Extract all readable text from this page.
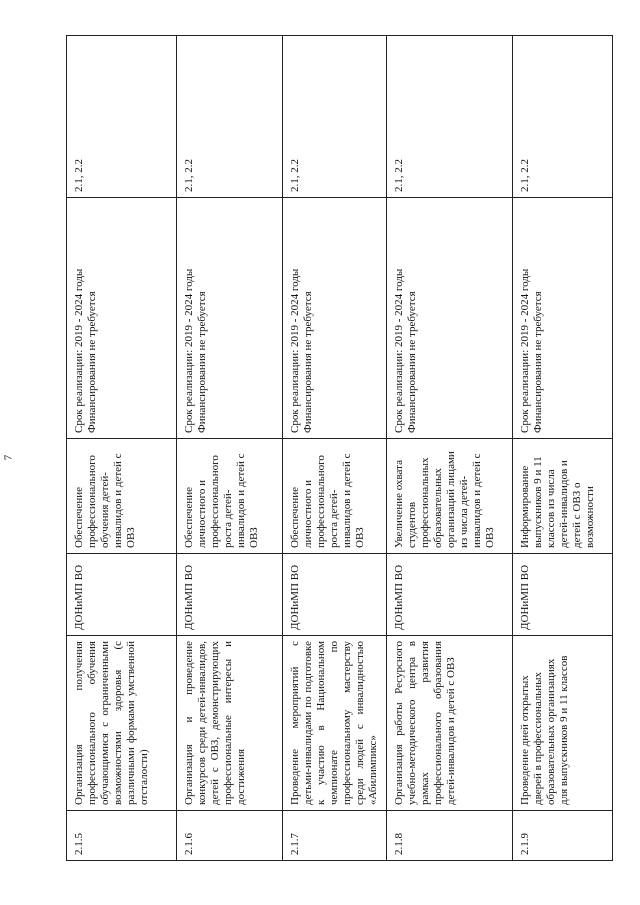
7
2.1.5	Организация получения профессионального обучения обучающимися с ограниченными возможностями здоровья (с различными формами умственной отсталости)	ДОНиМП ВО	Обеспечение профессионального обучения детей-инвалидов и детей с ОВЗ	Срок реализации: 2019 - 2024 годы Финансирования не требуется	2.1, 2.2
2.1.6	Организация и проведение конкурсов среди детей-инвалидов, детей с ОВЗ, демонстрирующих профессиональные интересы и достижения	ДОНиМП ВО	Обеспечение личностного и профессионального роста детей-инвалидов и детей с ОВЗ	Срок реализации: 2019 - 2024 годы Финансирования не требуется	2.1, 2.2
2.1.7	Проведение мероприятий с детьми-инвалидами по подготовке к участию в Национальном чемпионате по профессиональному мастерству среди людей с инвалидностью «Абилимпикс»	ДОНиМП ВО	Обеспечение личностного и профессионального роста детей-инвалидов и детей с ОВЗ	Срок реализации: 2019 - 2024 годы Финансирования не требуется	2.1, 2.2
2.1.8	Организация работы Ресурсного учебно-методического центра в рамках развития профессионального образования детей-инвалидов и детей с ОВЗ	ДОНиМП ВО	Увеличение охвата студентов профессиональных образовательных организаций лицами из числа детей-инвалидов и детей с ОВЗ	Срок реализации: 2019 - 2024 годы Финансирования не требуется	2.1, 2.2
2.1.9	Проведение дней открытых дверей в профессиональных образовательных организациях для выпускников 9 и 11 классов	ДОНиМП ВО	Информирование выпускников 9 и 11 классов из числа детей-инвалидов и детей с ОВЗ о возможности	Срок реализации: 2019 - 2024 годы Финансирования не требуется	2.1, 2.2
